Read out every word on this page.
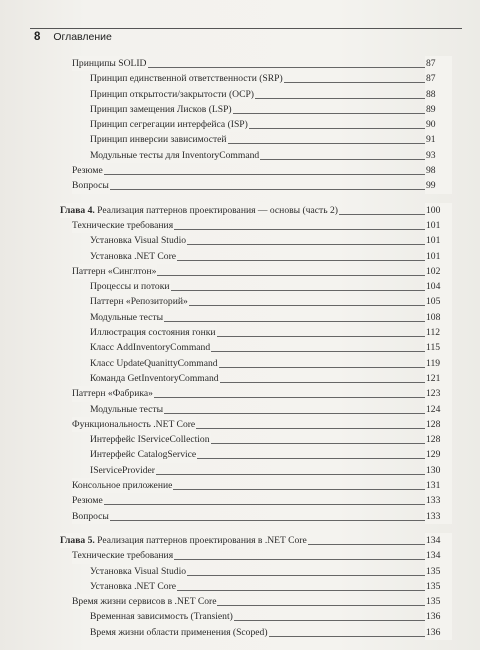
8 Оглавление
Принципы SOLID	87
Принцип единственной ответственности (SRP)	87
Принцип открытости/закрытости (OCP)	88
Принцип замещения Лисков (LSP)	89
Принцип сегрегации интерфейса (ISP)	90
Принцип инверсии зависимостей	91
Модульные тесты для InventoryCommand	93
Резюме	98
Вопросы	99
Глава 4. Реализация паттернов проектирования — основы (часть 2)	100
Технические требования	101
Установка Visual Studio	101
Установка .NET Core	101
Паттерн «Синглтон»	102
Процессы и потоки	104
Паттерн «Репозиторий»	105
Модульные тесты	108
Иллюстрация состояния гонки	112
Класс AddInventoryCommand	115
Класс UpdateQuanittyCommand	119
Команда GetInventoryCommand	121
Паттерн «Фабрика»	123
Модульные тесты	124
Функциональность .NET Core	128
Интерфейс IServiceCollection	128
Интерфейс CatalogService	129
IServiceProvider	130
Консольное приложение	131
Резюме	133
Вопросы	133
Глава 5. Реализация паттернов проектирования в .NET Core	134
Технические требования	134
Установка Visual Studio	135
Установка .NET Core	135
Время жизни сервисов в .NET Core	135
Временная зависимость (Transient)	136
Время жизни области применения (Scoped)	136
